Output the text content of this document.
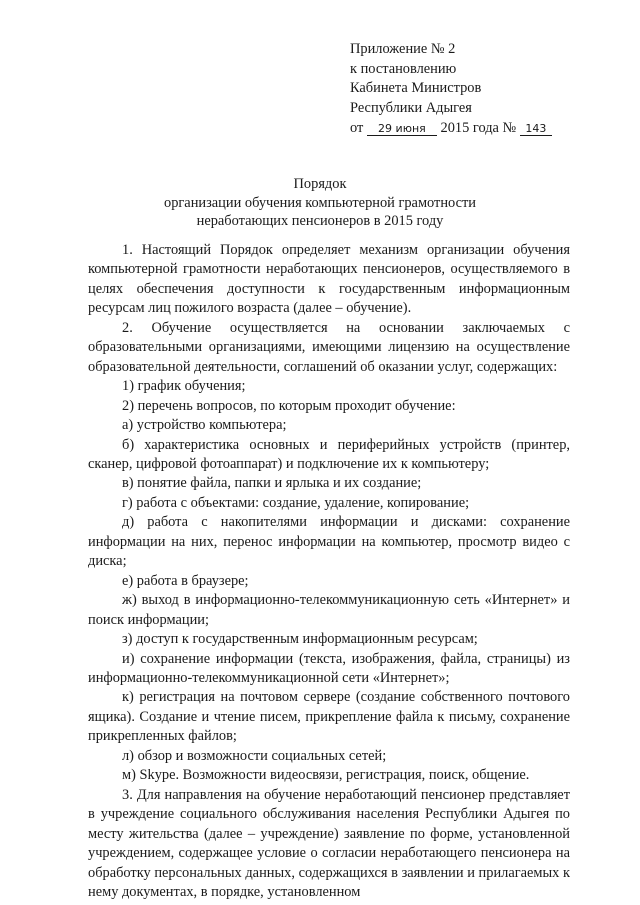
Приложение № 2
к постановлению
Кабинета Министров
Республики Адыгея
от 29 июня 2015 года № 143
Порядок
организации обучения компьютерной грамотности
неработающих пенсионеров в 2015 году

1. Настоящий Порядок определяет механизм организации обучения компьютерной грамотности неработающих пенсионеров, осуществляемого в целях обеспечения доступности к государственным информационным ресурсам лиц пожилого возраста (далее – обучение).

2. Обучение осуществляется на основании заключаемых с образовательными организациями, имеющими лицензию на осуществление образовательной деятельности, соглашений об оказании услуг, содержащих:

1) график обучения;

2) перечень вопросов, по которым проходит обучение:

а) устройство компьютера;

б) характеристика основных и периферийных устройств (принтер, сканер, цифровой фотоаппарат) и подключение их к компьютеру;

в) понятие файла, папки и ярлыка и их создание;

г) работа с объектами: создание, удаление, копирование;

д) работа с накопителями информации и дисками: сохранение информации на них, перенос информации на компьютер, просмотр видео с диска;

е) работа в браузере;

ж) выход в информационно-телекоммуникационную сеть «Интернет» и поиск информации;

з) доступ к государственным информационным ресурсам;

и) сохранение информации (текста, изображения, файла, страницы) из информационно-телекоммуникационной сети «Интернет»;

к) регистрация на почтовом сервере (создание собственного почтового ящика). Создание и чтение писем, прикрепление файла к письму, сохранение прикрепленных файлов;

л) обзор и возможности социальных сетей;

м) Skype. Возможности видеосвязи, регистрация, поиск, общение.

3. Для направления на обучение неработающий пенсионер представляет в учреждение социального обслуживания населения Республики Адыгея по месту жительства (далее – учреждение) заявление по форме, установленной учреждением, содержащее условие о согласии неработающего пенсионера на обработку персональных данных, содержащихся в заявлении и прилагаемых к нему документах, в порядке, установленном
